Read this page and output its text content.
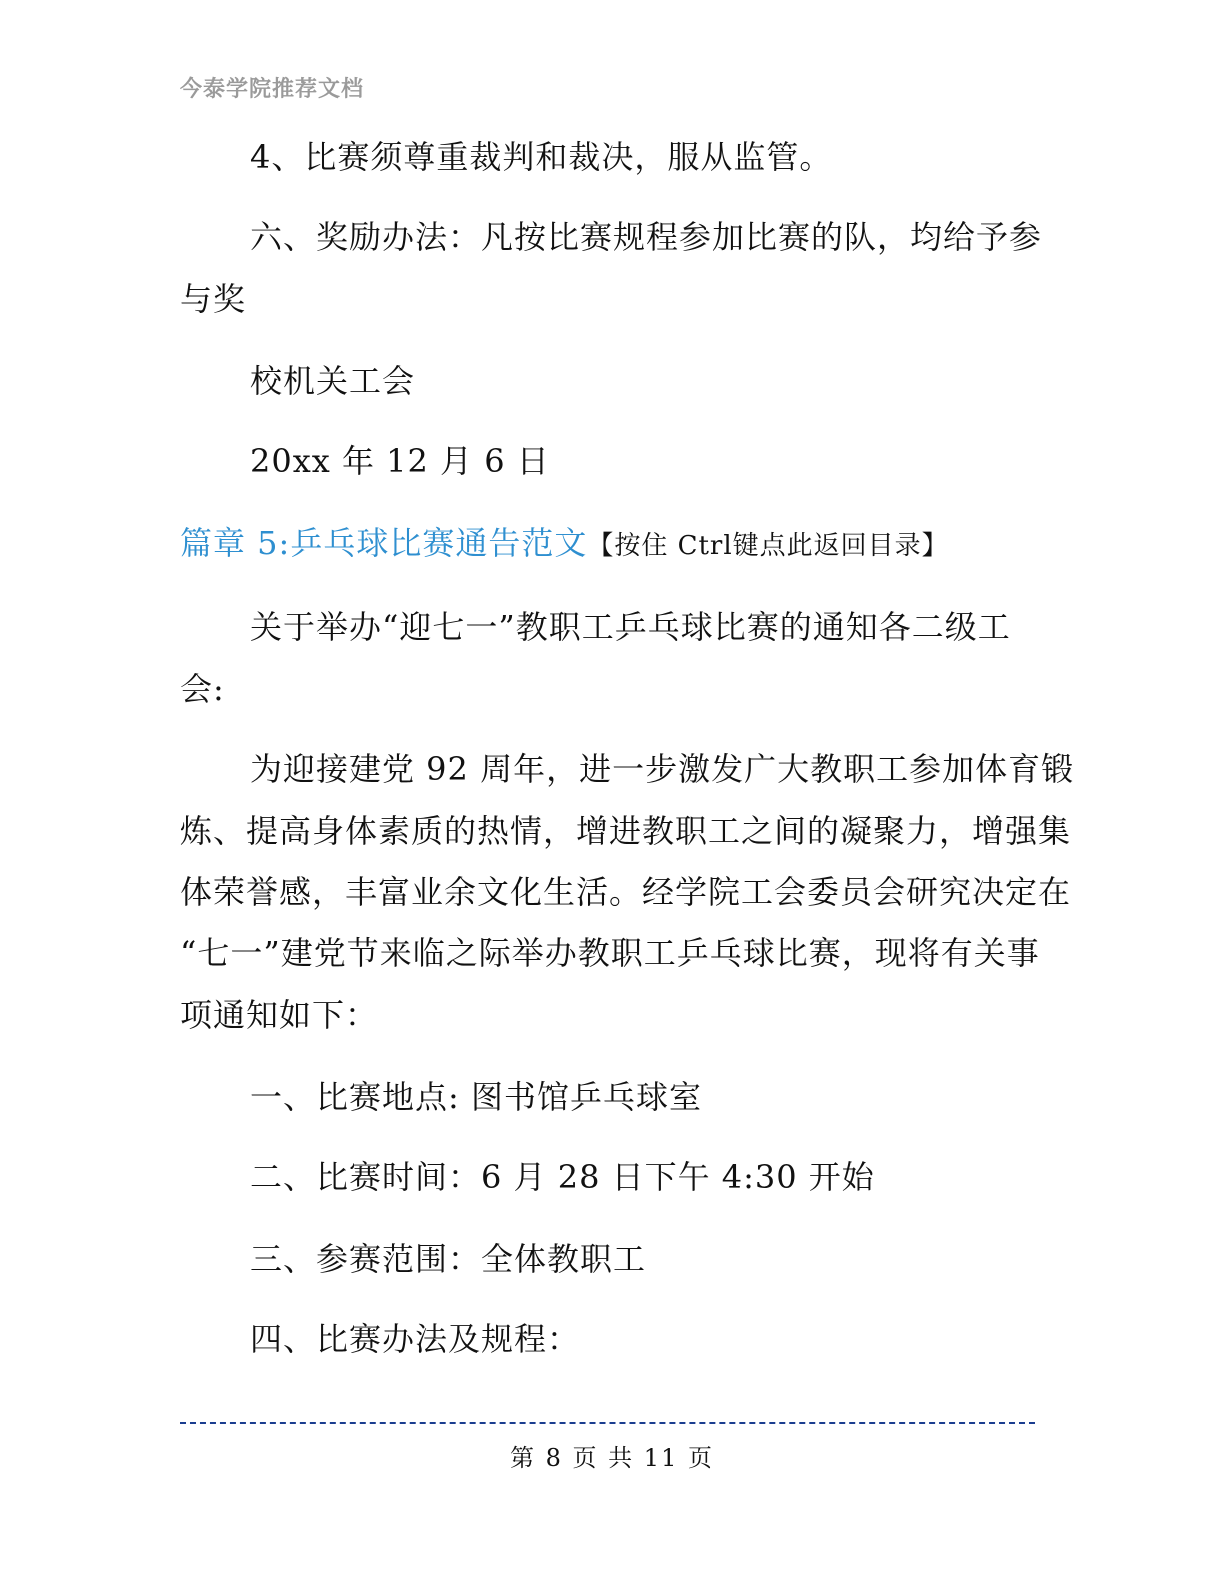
今泰学院推荐文档
4、比赛须尊重裁判和裁决，服从监管。
六、奖励办法：凡按比赛规程参加比赛的队，均给予参
与奖
校机关工会
20xx 年 12 月 6 日
篇章 5:乒乓球比赛通告范文【按住 Ctrl键点此返回目录】
关于举办“迎七一”教职工乒乓球比赛的通知各二级工
会:
为迎接建党 92 周年，进一步激发广大教职工参加体育锻
炼、提高身体素质的热情，增进教职工之间的凝聚力，增强集
体荣誉感，丰富业余文化生活。经学院工会委员会研究决定在
“七一”建党节来临之际举办教职工乒乓球比赛，现将有关事
项通知如下：
一、比赛地点: 图书馆乒乓球室
二、比赛时间：6 月 28 日下午 4:30 开始
三、参赛范围：全体教职工
四、比赛办法及规程：
第 8 页 共 11 页
